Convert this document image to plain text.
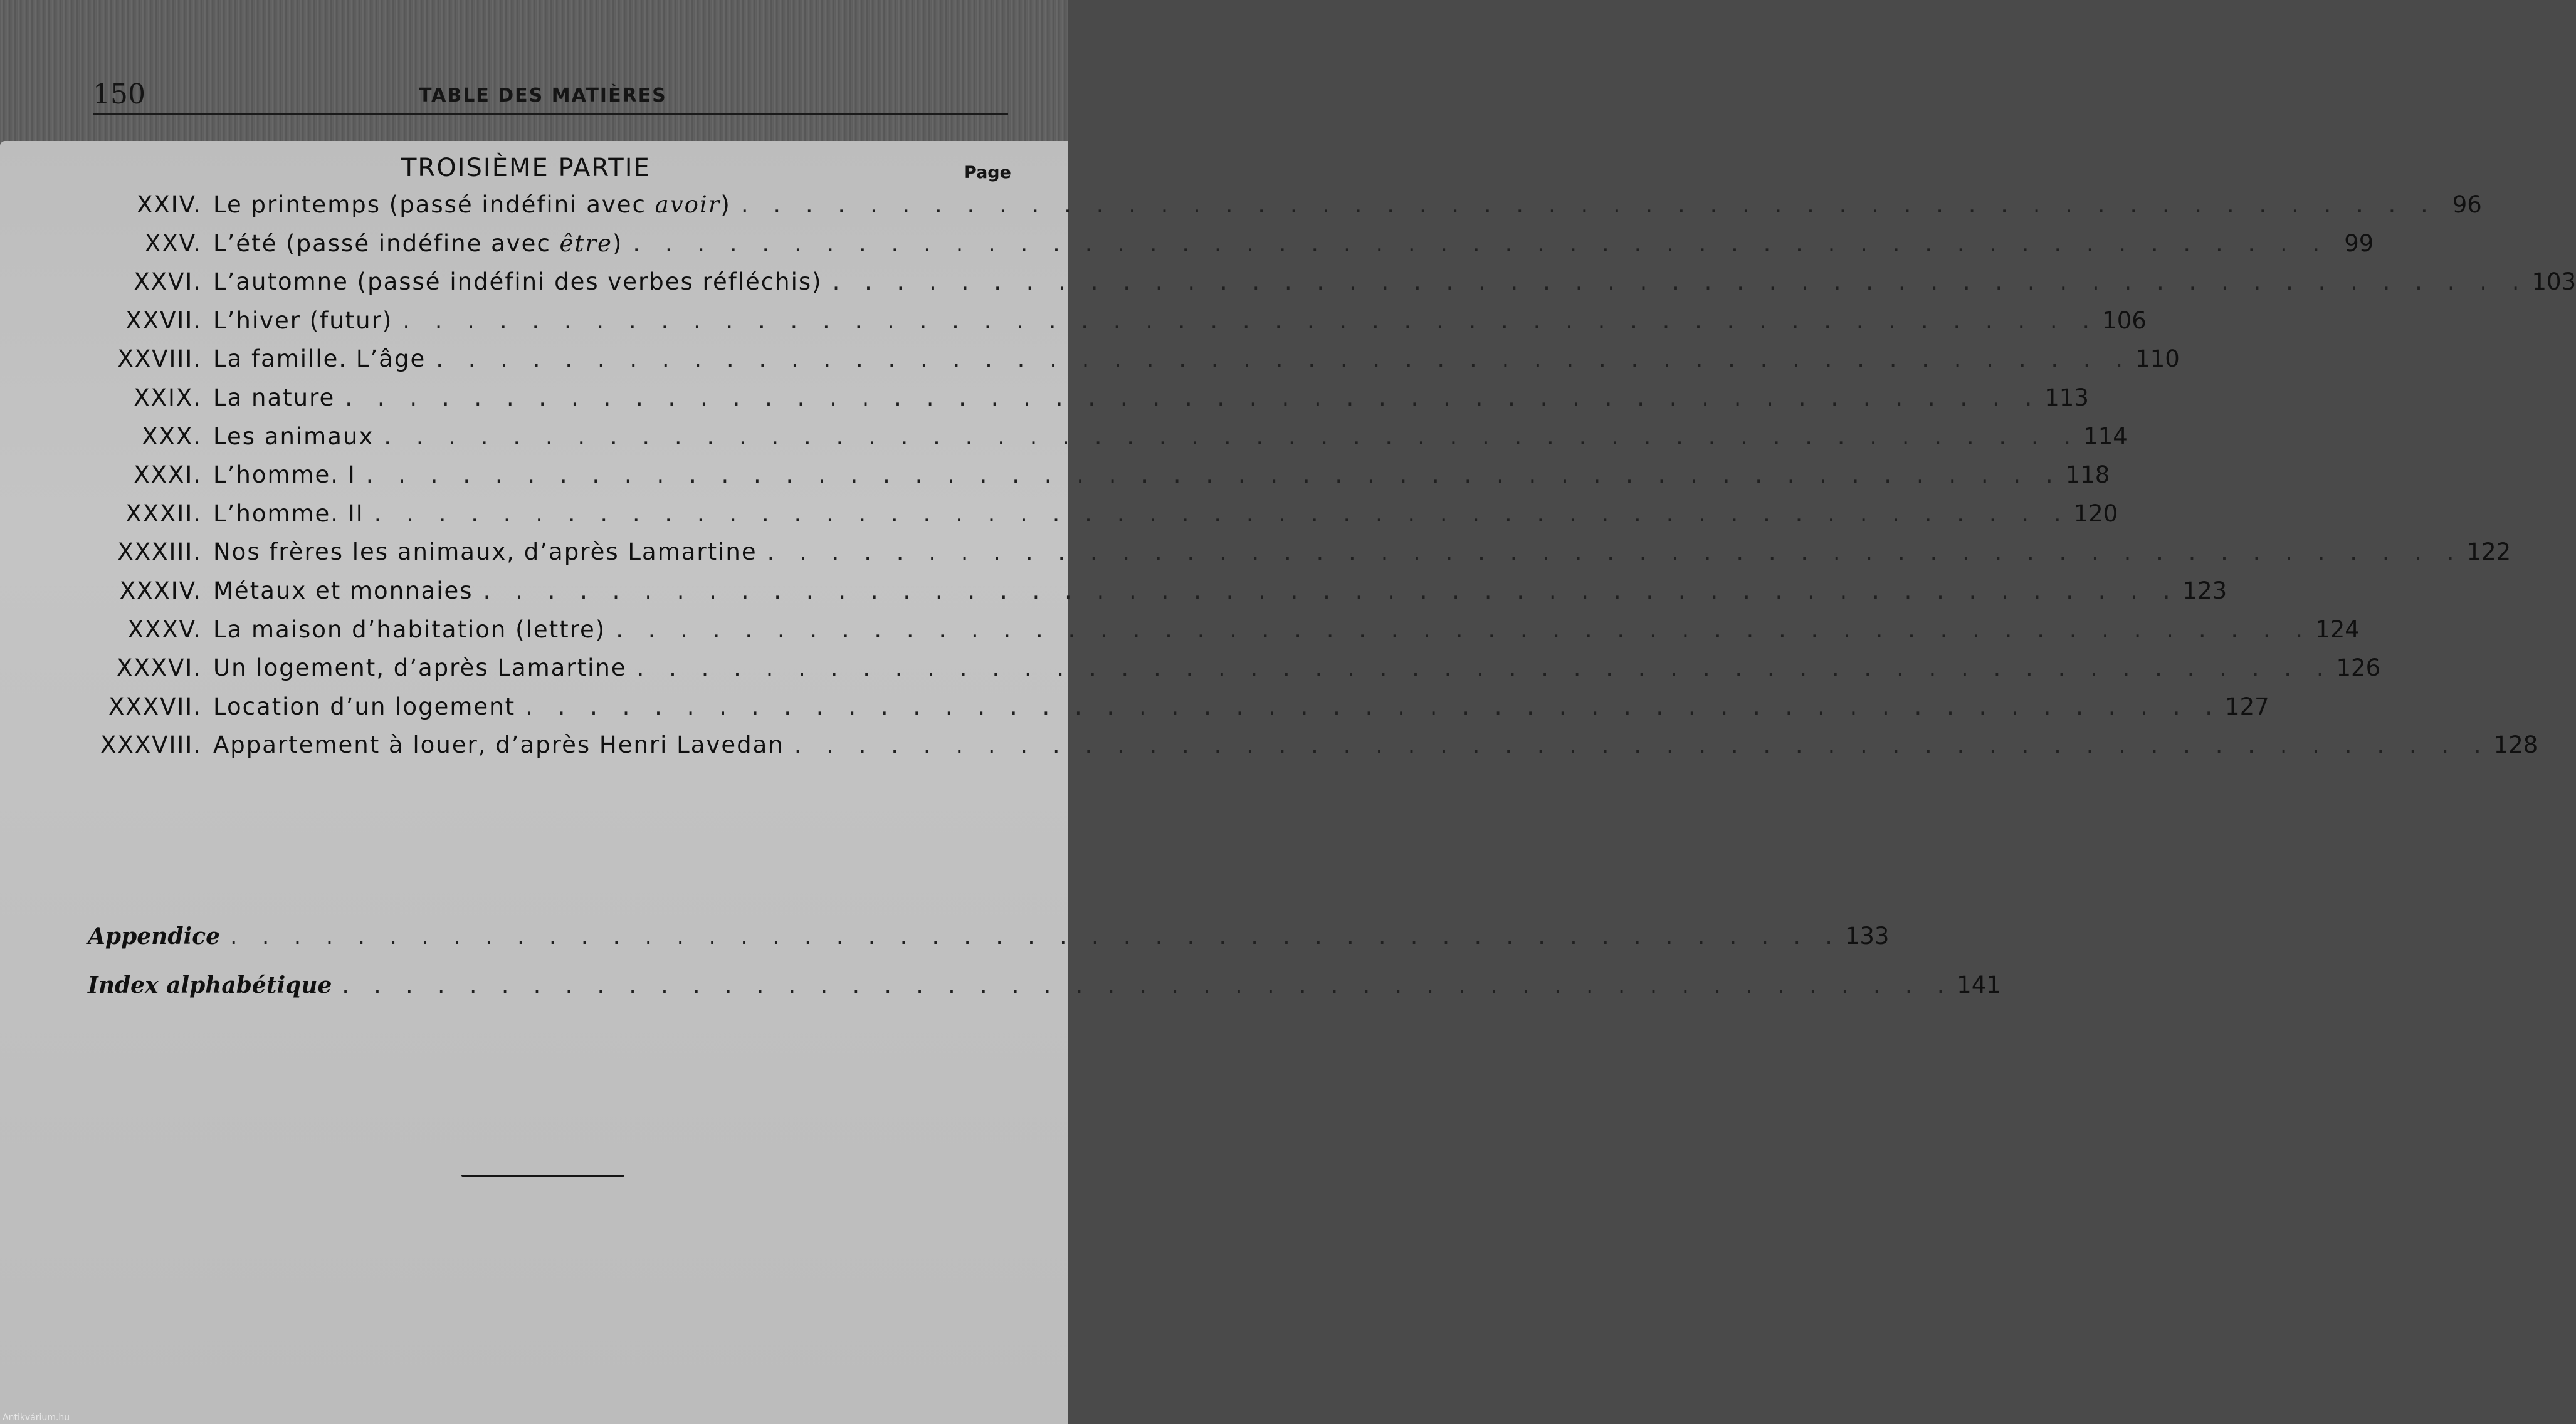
150	TABLE DES MATIÈRES
TROISIÈME PARTIE	Page
XXIV. Le printemps (passé indéfini avec avoir) . . . . . . . . . . . . . . . . . . . . . . . . . . . . . . . . . . . . . . . . . . . . . . . . . . . . . 96
XXV. L’été (passé indéfine avec être) . . . . . . . . . . . . . . . . . . . . . . . . . . . . . . . . . . . . . . . . . . . . . . . . . . . . . 99
XXVI. L’automne (passé indéfini des verbes réfléchis) . . . . . . . . . . . . . . . . . . . . . . . . . . . . . . . . . . . . . . . . . . . . . . . . . . . . . 103
XXVII. L’hiver (futur) . . . . . . . . . . . . . . . . . . . . . . . . . . . . . . . . . . . . . . . . . . . . . . . . . . . . . 106
XXVIII. La famille. L’âge . . . . . . . . . . . . . . . . . . . . . . . . . . . . . . . . . . . . . . . . . . . . . . . . . . . . . 110
XXIX. La nature . . . . . . . . . . . . . . . . . . . . . . . . . . . . . . . . . . . . . . . . . . . . . . . . . . . . . 113
XXX. Les animaux . . . . . . . . . . . . . . . . . . . . . . . . . . . . . . . . . . . . . . . . . . . . . . . . . . . . . 114
XXXI. L’homme. I . . . . . . . . . . . . . . . . . . . . . . . . . . . . . . . . . . . . . . . . . . . . . . . . . . . . . 118
XXXII. L’homme. II . . . . . . . . . . . . . . . . . . . . . . . . . . . . . . . . . . . . . . . . . . . . . . . . . . . . . 120
XXXIII. Nos frères les animaux, d’après Lamartine . . . . . . . . . . . . . . . . . . . . . . . . . . . . . . . . . . . . . . . . . . . . . . . . . . . . . 122
XXXIV. Métaux et monnaies . . . . . . . . . . . . . . . . . . . . . . . . . . . . . . . . . . . . . . . . . . . . . . . . . . . . . 123
XXXV. La maison d’habitation (lettre) . . . . . . . . . . . . . . . . . . . . . . . . . . . . . . . . . . . . . . . . . . . . . . . . . . . . . 124
XXXVI. Un logement, d’après Lamartine . . . . . . . . . . . . . . . . . . . . . . . . . . . . . . . . . . . . . . . . . . . . . . . . . . . . . 126
XXXVII. Location d’un logement . . . . . . . . . . . . . . . . . . . . . . . . . . . . . . . . . . . . . . . . . . . . . . . . . . . . . 127
XXXVIII. Appartement à louer, d’après Henri Lavedan . . . . . . . . . . . . . . . . . . . . . . . . . . . . . . . . . . . . . . . . . . . . . . . . . . . . . 128
Appendice . . . . . . . . . . . . . . . . . . . . . . . . . . . . . . . . . . . . . . . . . . . . . . . . . . . 133
Index alphabétique . . . . . . . . . . . . . . . . . . . . . . . . . . . . . . . . . . . . . . . . . . . . . . . . . . . 141
Antikvárium.hu
